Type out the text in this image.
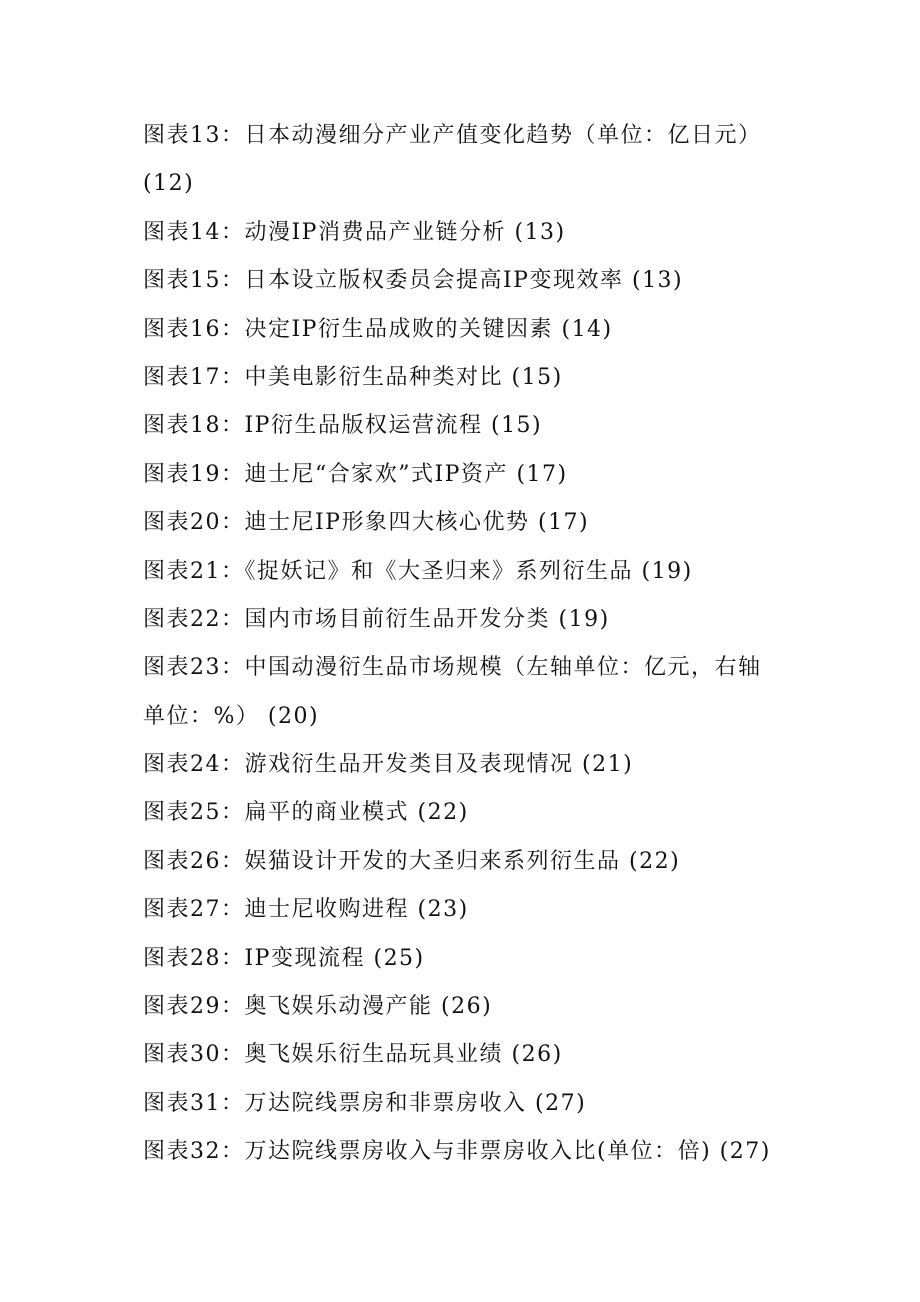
图表13：日本动漫细分产业产值变化趋势（单位：亿日元）
(12)
图表14：动漫IP消费品产业链分析 (13)
图表15：日本设立版权委员会提高IP变现效率 (13)
图表16：决定IP衍生品成败的关键因素 (14)
图表17：中美电影衍生品种类对比 (15)
图表18：IP衍生品版权运营流程 (15)
图表19：迪士尼“合家欢”式IP资产 (17)
图表20：迪士尼IP形象四大核心优势 (17)
图表21：《捉妖记》和《大圣归来》系列衍生品 (19)
图表22：国内市场目前衍生品开发分类 (19)
图表23：中国动漫衍生品市场规模（左轴单位：亿元，右轴
单位：%） (20)
图表24：游戏衍生品开发类目及表现情况 (21)
图表25：扁平的商业模式 (22)
图表26：娱猫设计开发的大圣归来系列衍生品 (22)
图表27：迪士尼收购进程 (23)
图表28：IP变现流程 (25)
图表29：奥飞娱乐动漫产能 (26)
图表30：奥飞娱乐衍生品玩具业绩 (26)
图表31：万达院线票房和非票房收入 (27)
图表32：万达院线票房收入与非票房收入比(单位：倍) (27)
